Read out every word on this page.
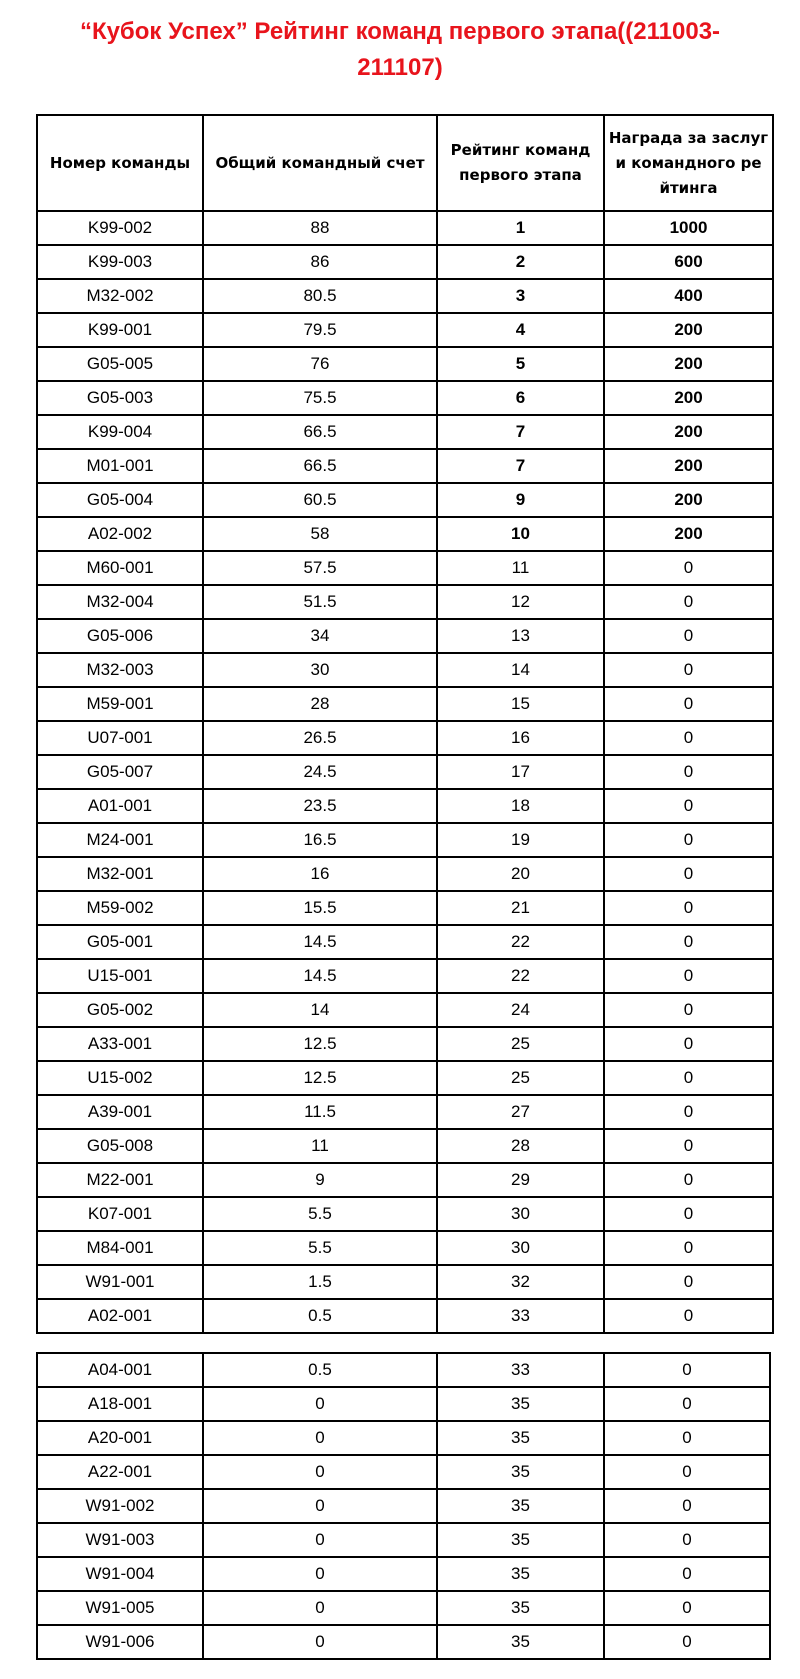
“Кубок Успех” Рейтинг команд первого этапа((211003-
211107)
Номер команды	Общий командный счет	Рейтинг команд первого этапа	Награда за заслуг и командного ре йтинга
K99-002	88	1	1000
K99-003	86	2	600
M32-002	80.5	3	400
K99-001	79.5	4	200
G05-005	76	5	200
G05-003	75.5	6	200
K99-004	66.5	7	200
M01-001	66.5	7	200
G05-004	60.5	9	200
A02-002	58	10	200
M60-001	57.5	11	0
M32-004	51.5	12	0
G05-006	34	13	0
M32-003	30	14	0
M59-001	28	15	0
U07-001	26.5	16	0
G05-007	24.5	17	0
A01-001	23.5	18	0
M24-001	16.5	19	0
M32-001	16	20	0
M59-002	15.5	21	0
G05-001	14.5	22	0
U15-001	14.5	22	0
G05-002	14	24	0
A33-001	12.5	25	0
U15-002	12.5	25	0
A39-001	11.5	27	0
G05-008	11	28	0
M22-001	9	29	0
K07-001	5.5	30	0
M84-001	5.5	30	0
W91-001	1.5	32	0
A02-001	0.5	33	0
A04-001	0.5	33	0
A18-001	0	35	0
A20-001	0	35	0
A22-001	0	35	0
W91-002	0	35	0
W91-003	0	35	0
W91-004	0	35	0
W91-005	0	35	0
W91-006	0	35	0
